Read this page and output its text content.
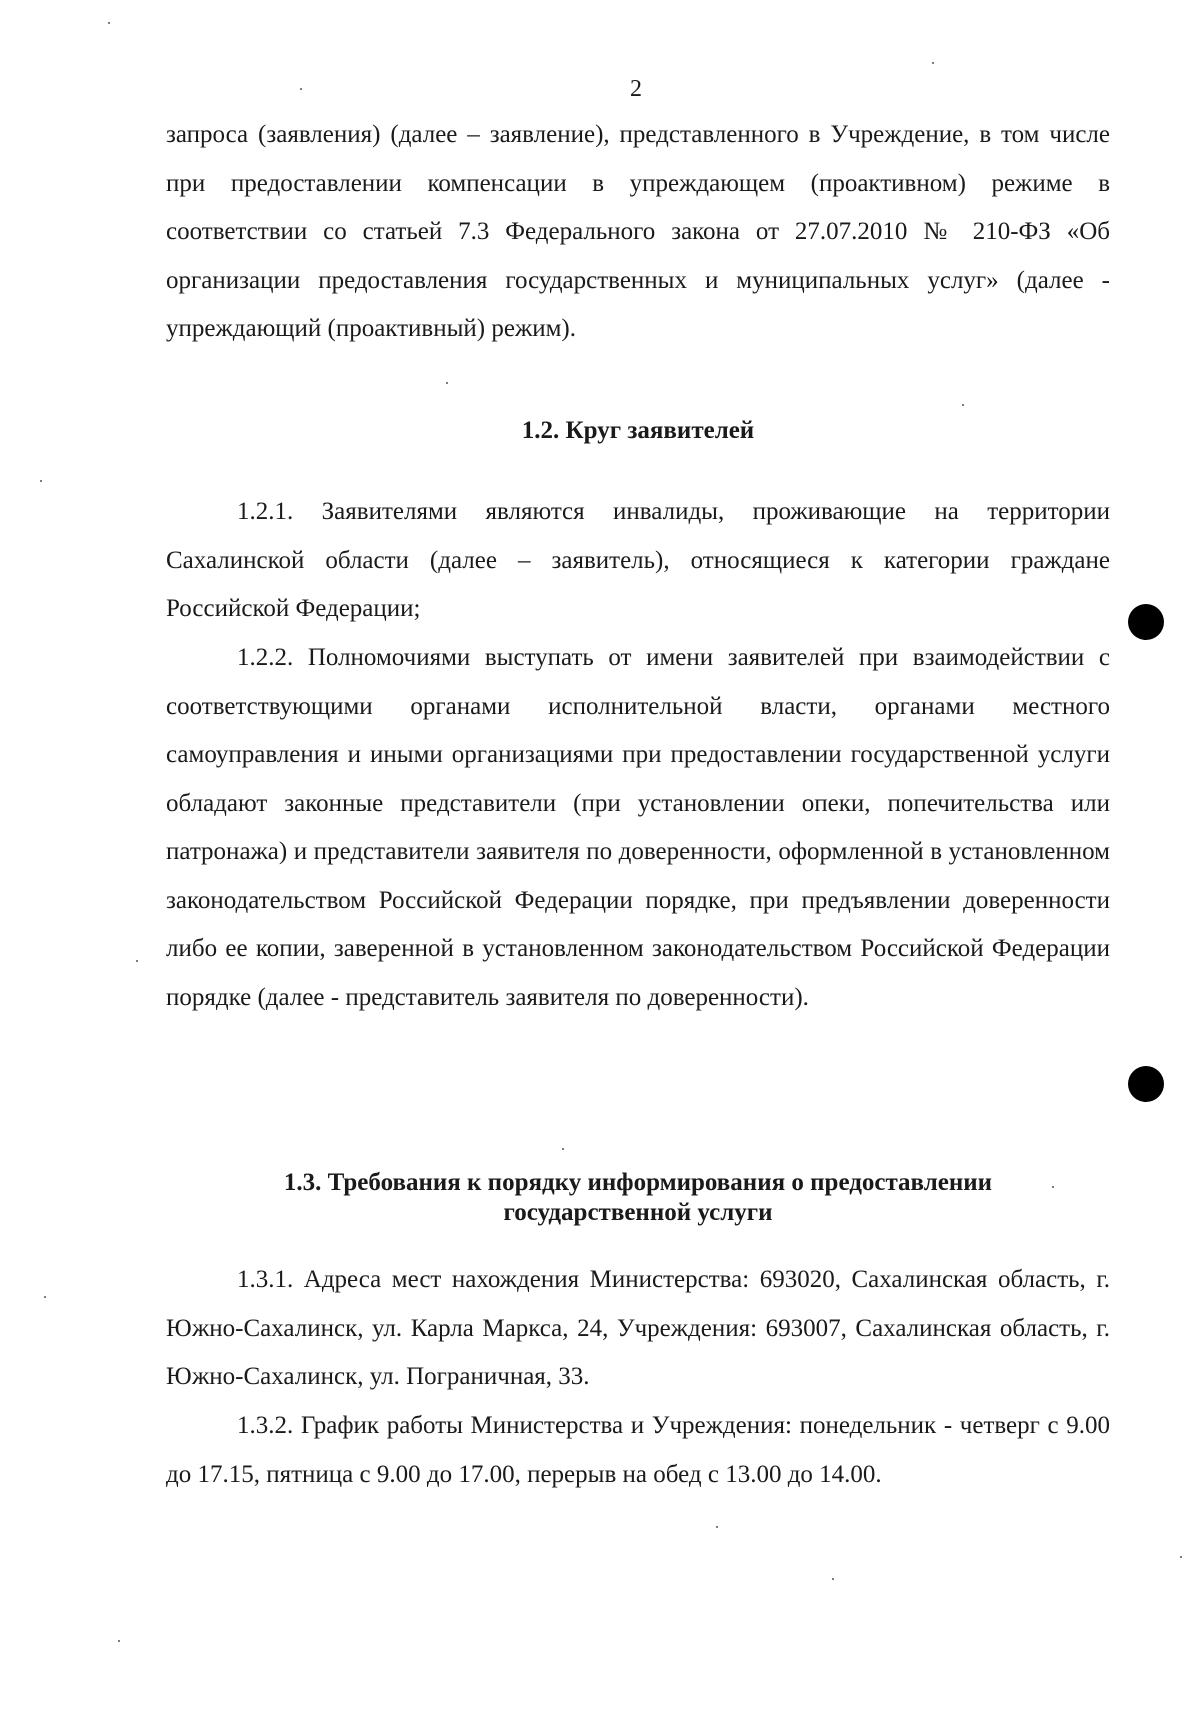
2

запроса (заявления) (далее – заявление), представленного в Учреждение, в том числе при предоставлении компенсации в упреждающем (проактивном) режиме в соответствии со статьей 7.3 Федерального закона от 27.07.2010 № 210-ФЗ «Об организации предоставления государственных и муниципальных услуг» (далее - упреждающий (проактивный) режим).

1.2. Круг заявителей

1.2.1. Заявителями являются инвалиды, проживающие на территории Сахалинской области (далее – заявитель), относящиеся к категории граждане Российской Федерации;

1.2.2. Полномочиями выступать от имени заявителей при взаимодействии с соответствующими органами исполнительной власти, органами местного самоуправления и иными организациями при предоставлении государственной услуги обладают законные представители (при установлении опеки, попечительства или патронажа) и представители заявителя по доверенности, оформленной в установленном законодательством Российской Федерации порядке, при предъявлении доверенности либо ее копии, заверенной в установленном законодательством Российской Федерации порядке (далее - представитель заявителя по доверенности).

1.3. Требования к порядку информирования о предоставлении
государственной услуги

1.3.1. Адреса мест нахождения Министерства: 693020, Сахалинская область, г. Южно-Сахалинск, ул. Карла Маркса, 24, Учреждения: 693007, Сахалинская область, г. Южно-Сахалинск, ул. Пограничная, 33.

1.3.2. График работы Министерства и Учреждения: понедельник - четверг с 9.00 до 17.15, пятница с 9.00 до 17.00, перерыв на обед с 13.00 до 14.00.
